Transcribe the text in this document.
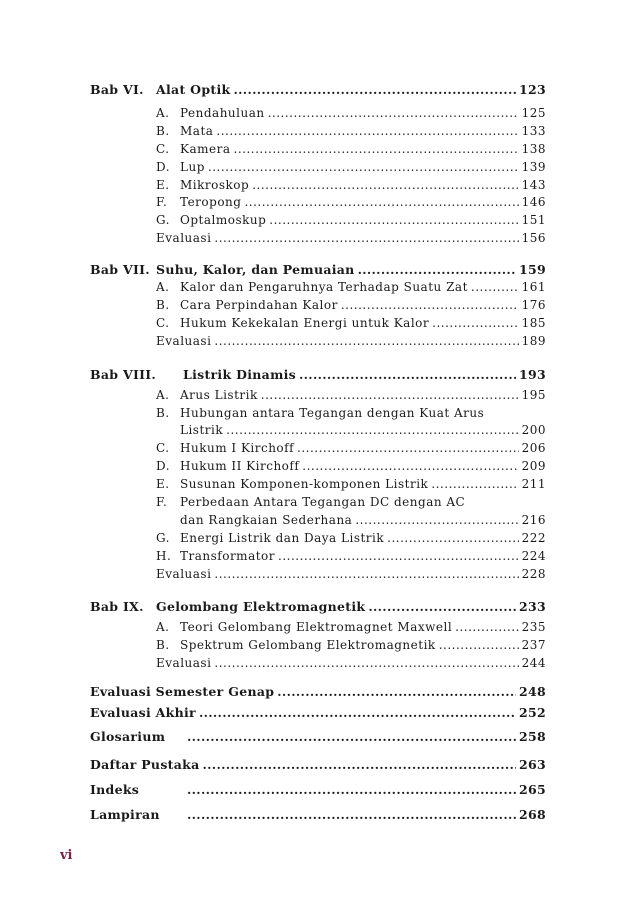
Bab VI. Alat Optik .....	123
A. Pendahuluan .....	125
B. Mata .....	133
C. Kamera .....	138
D. Lup .....	139
E. Mikroskop .....	143
F.	Teropong .....	146
G. Optalmoskup .....	151
Evaluasi .....	156
Bab VII. Suhu, Kalor, dan Pemuaian .....	159
A. Kalor dan Pengaruhnya Terhadap Suatu Zat .....	161
B. Cara Perpindahan Kalor .....	176
C. Hukum Kekekalan Energi untuk Kalor .....	185
Evaluasi .....	189
Bab VIII.	Listrik Dinamis .....	193
A. Arus Listrik .....	195
B. Hubungan antara Tegangan dengan Kuat Arus
Listrik .....	200
C. Hukum I Kirchoff .....	206
D. Hukum II Kirchoff .....	209
E. Susunan Komponen-komponen Listrik .....	211
F.	Perbedaan Antara Tegangan DC dengan AC
dan Rangkaian Sederhana .....	216
G. Energi Listrik dan Daya Listrik .....	222
H. Transformator .....	224
Evaluasi .....	228
Bab IX. Gelombang Elektromagnetik .....	233
A. Teori Gelombang Elektromagnet Maxwell .....	235
B. Spektrum Gelombang Elektromagnetik .....	237
Evaluasi .....	244
Evaluasi Semester Genap .....	248
Evaluasi Akhir .....	252
Glosarium .....	258
Daftar Pustaka .....	263
Indeks .....	265
Lampiran .....	268
vi
